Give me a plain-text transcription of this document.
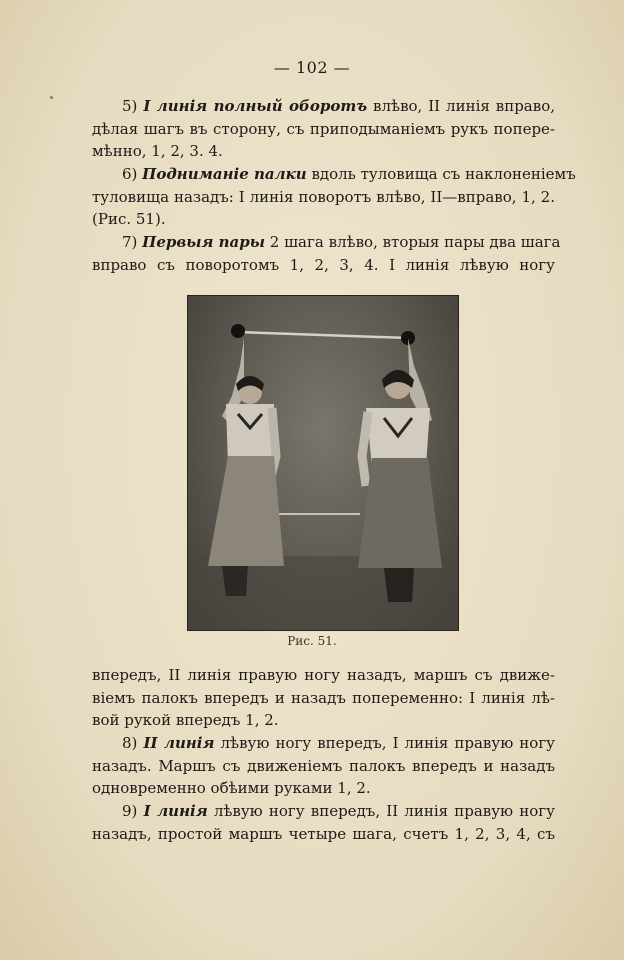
— 102 —
5) I линія полный оборотъ влѣво, II линія вправо,
дѣлая шагъ въ сторону, съ приподыманіемъ рукъ попере-
мѣнно, 1, 2, 3. 4.
6) Подниманіе палки вдоль туловища съ наклоненіемъ
туловища назадъ: I линія поворотъ влѣво, II—вправо, 1, 2.
(Рис. 51).
7) Первыя пары 2 шага влѣво, вторыя пары два шага
вправо съ поворотомъ 1, 2, 3, 4. I линія лѣвую ногу
Рис. 51.
впередъ, II линія правую ногу назадъ, маршъ съ движе-
віемъ палокъ впередъ и назадъ попеременно: I линія лѣ-
вой рукой впередъ 1, 2.
8) II линія лѣвую ногу впередъ, I линія правую ногу
назадъ. Маршъ съ движеніемъ палокъ впередъ и назадъ
одновременно обѣими руками 1, 2.
9) I линія лѣвую ногу впередъ, II линія правую ногу
назадъ, простой маршъ четыре шага, счетъ 1, 2, 3, 4, съ
